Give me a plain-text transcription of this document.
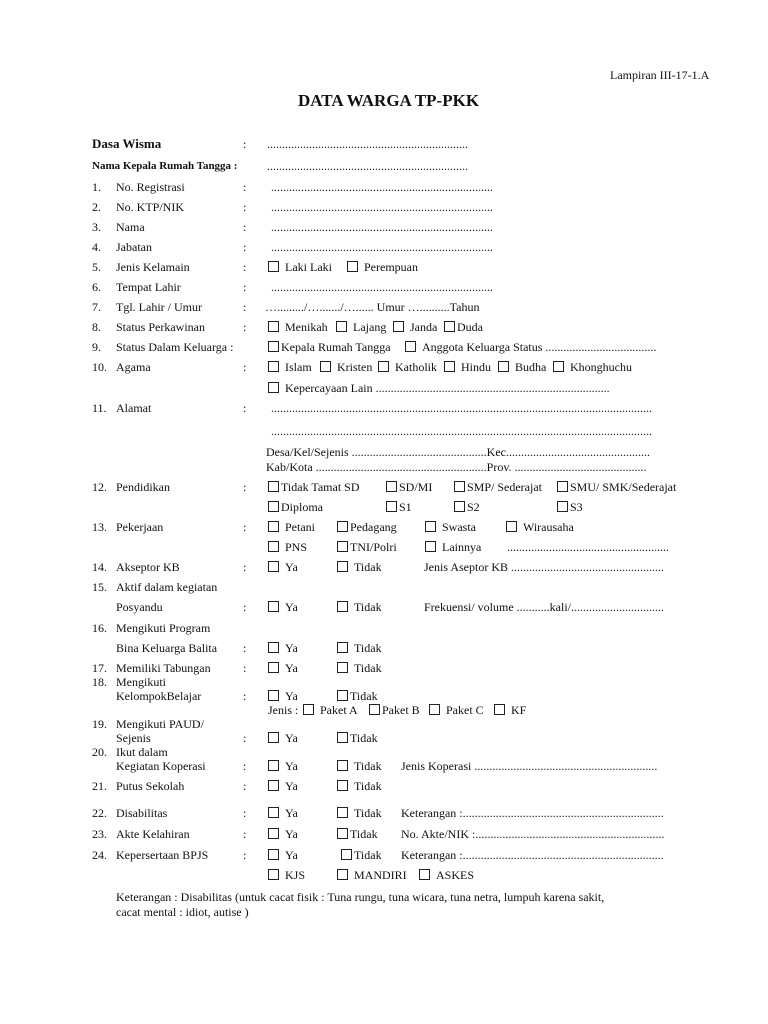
Lampiran III-17-1.A
DATA WARGA TP-PKK
Dasa Wisma	: ...................................................................
Nama Kepala Rumah Tangga : ...................................................................
1. No. Registrasi	: ..........................................................................
2. No. KTP/NIK	: ..........................................................................
3. Nama	: ..........................................................................
4. Jabatan	: ..........................................................................
6. Tempat Lahir	: ..........................................................................
5. Jenis Kelamain	:	Laki Laki	Perempuan
7. Tgl. Lahir / Umur	: …........./…......./…...... Umur …..........Tahun
8. Status Perkawinan	:	Menikah Lajang Janda Duda
9. Status Dalam Keluarga :	Kepala Rumah Tangga	Anggota Keluarga Status .....................................
10. Agama	:	Islam Kristen Katholik Hindu Budha Khonghuchu
Kepercayaan Lain ..............................................................................
11. Alamat	: ...............................................................................................................................
...............................................................................................................................
Desa/Kel/Sejenis .............................................Kec................................................
Kab/Kota .........................................................Prov. ............................................
12. Pendidikan	:	Tidak Tamat SD	SD/MI	SMP/ Sederajat SMU/ SMK/Sederajat
Diploma	S1	S2	S3
13. Pekerjaan	:	Petani	Pedagang	Swasta	Wirausaha
PNS	TNI/Polri	Lainnya ......................................................
14. Akseptor KB	:	Ya	Tidak	Jenis Aseptor KB ...................................................
15. Aktif dalam kegiatan
Posyandu	:	Ya	Tidak	Frekuensi/ volume ...........kali/...............................
16. Mengikuti Program
Bina Keluarga Balita :	Ya	Tidak
17. Memiliki Tabungan	:	Ya	Tidak
18. Mengikuti
KelompokBelajar	:	Ya	Tidak
Jenis : Paket A Paket B Paket C KF
19. Mengikuti PAUD/
Sejenis	:	Ya	Tidak
20. Ikut dalam
Kegiatan Koperasi	:	Ya	Tidak Jenis Koperasi .............................................................
21. Putus Sekolah	:	Ya	Tidak
22. Disabilitas	:	Ya	Tidak Keterangan :...................................................................
23. Akte Kelahiran	:	Ya	Tidak No. Akte/NIK :...............................................................
24. Kepersertaan BPJS	:	Ya	Tidak Keterangan :...................................................................
KJS	MANDIRI ASKES
Keterangan : Disabilitas (untuk cacat fisik : Tuna rungu, tuna wicara, tuna netra, lumpuh karena sakit,
cacat mental : idiot, autise )
